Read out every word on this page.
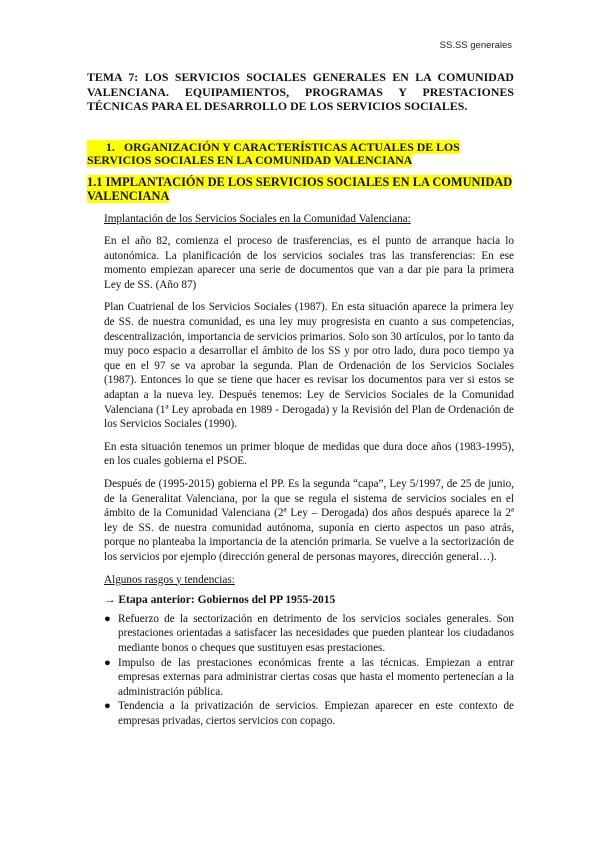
SS.SS generales

TEMA 7: LOS SERVICIOS SOCIALES GENERALES EN LA COMUNIDAD VALENCIANA. EQUIPAMIENTOS, PROGRAMAS Y PRESTACIONES TÉCNICAS PARA EL DESARROLLO DE LOS SERVICIOS SOCIALES.

1. ORGANIZACIÓN Y CARACTERÍSTICAS ACTUALES DE LOS SERVICIOS SOCIALES EN LA COMUNIDAD VALENCIANA
1.1 IMPLANTACIÓN DE LOS SERVICIOS SOCIALES EN LA COMUNIDAD VALENCIANA

Implantación de los Servicios Sociales en la Comunidad Valenciana:

En el año 82, comienza el proceso de trasferencias, es el punto de arranque hacia lo autonómica. La planificación de los servicios sociales tras las transferencias: En ese momento empiezan aparecer una serie de documentos que van a dar pie para la primera Ley de SS. (Año 87)

Plan Cuatrienal de los Servicios Sociales (1987). En esta situación aparece la primera ley de SS. de nuestra comunidad, es una ley muy progresista en cuanto a sus competencias, descentralización, importancia de servicios primarios. Solo son 30 artículos, por lo tanto da muy poco espacio a desarrollar el ámbito de los SS y por otro lado, dura poco tiempo ya que en el 97 se va aprobar la segunda. Plan de Ordenación de los Servicios Sociales (1987). Entonces lo que se tiene que hacer es revisar los documentos para ver si estos se adaptan a la nueva ley. Después tenemos: Ley de Servicios Sociales de la Comunidad Valenciana (1ª Ley aprobada en 1989 - Derogada) y la Revisión del Plan de Ordenación de los Servicios Sociales (1990).

En esta situación tenemos un primer bloque de medidas que dura doce años (1983-1995), en los cuales gobierna el PSOE.

Después de (1995-2015) gobierna el PP. Es la segunda “capa”, Ley 5/1997, de 25 de junio, de la Generalitat Valenciana, por la que se regula el sistema de servicios sociales en el ámbito de la Comunidad Valenciana (2ª Ley – Derogada) dos años después aparece la 2ª ley de SS. de nuestra comunidad autónoma, suponía en cierto aspectos un paso atrás, porque no planteaba la importancia de la atención primaria. Se vuelve a la sectorización de los servicios por ejemplo (dirección general de personas mayores, dirección general…).

Algunos rasgos y tendencias:

→ Etapa anterior: Gobiernos del PP 1955-2015
● Refuerzo de la sectorización en detrimento de los servicios sociales generales. Son prestaciones orientadas a satisfacer las necesidades que pueden plantear los ciudadanos mediante bonos o cheques que sustituyen esas prestaciones.
● Impulso de las prestaciones económicas frente a las técnicas. Empiezan a entrar empresas externas para administrar ciertas cosas que hasta el momento pertenecían a la administración pública.
● Tendencia a la privatización de servicios. Empiezan aparecer en este contexto de empresas privadas, ciertos servicios con copago.
